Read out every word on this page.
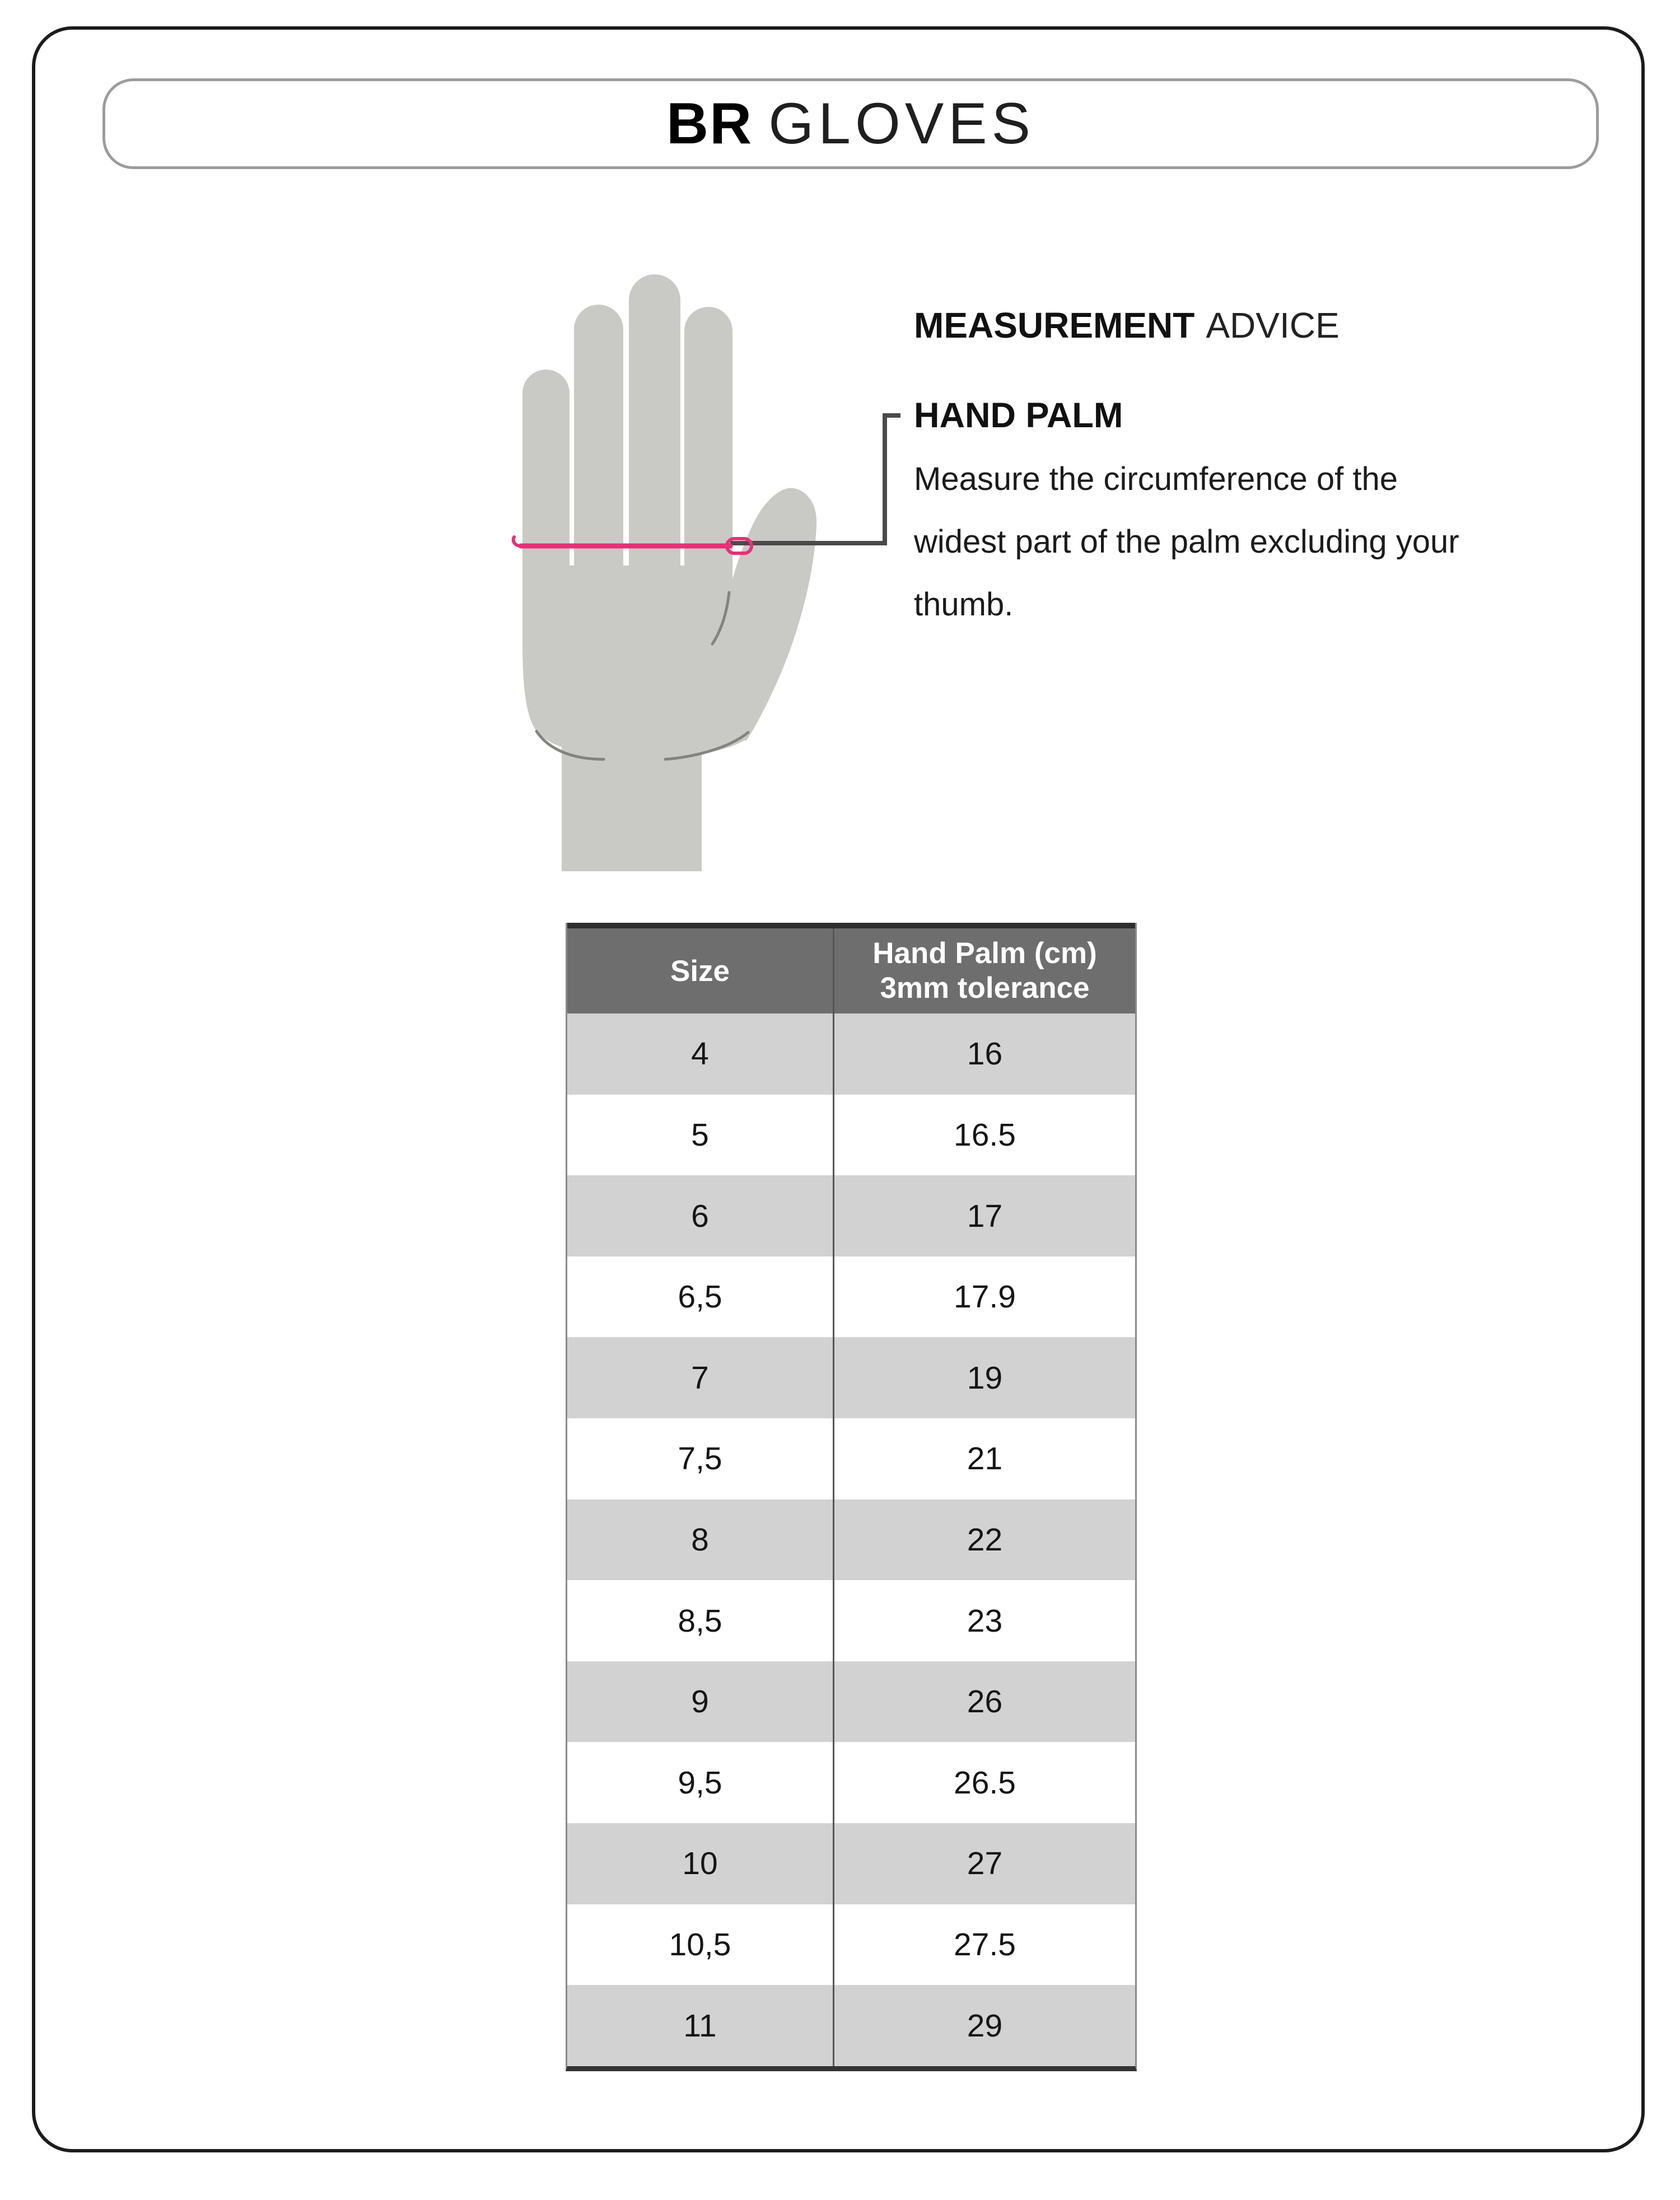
BR GLOVES
MEASUREMENT ADVICE
HAND PALM
Measure the circumference of the widest part of the palm excluding your thumb.
Size
Hand Palm (cm)
3mm tolerance
4	16
5	16.5
6	17
6,5	17.9
7	19
7,5	21
8	22
8,5	23
9	26
9,5	26.5
10	27
10,5	27.5
11	29
